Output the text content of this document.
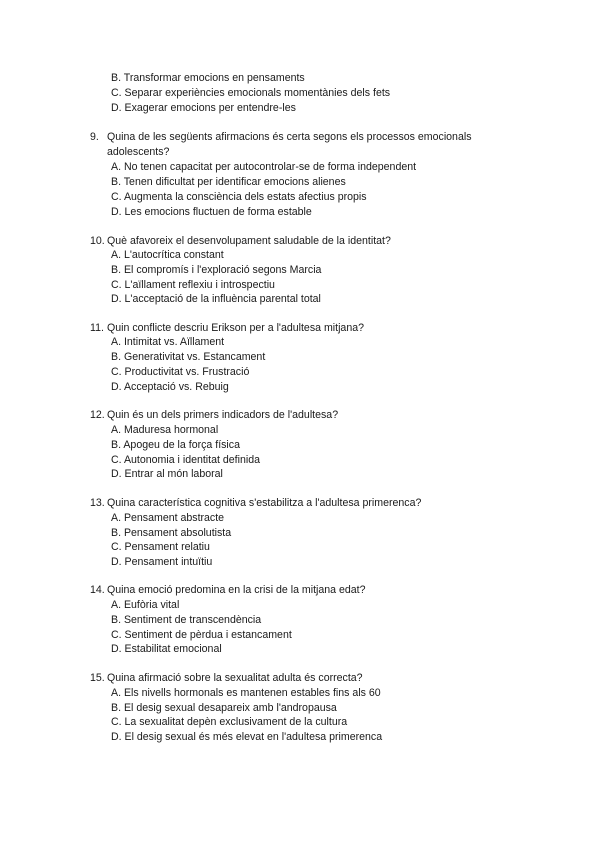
B. Transformar emocions en pensaments
C. Separar experiències emocionals momentànies dels fets
D. Exagerar emocions per entendre-les
9. Quina de les següents afirmacions és certa segons els processos emocionals
adolescents?
A. No tenen capacitat per autocontrolar-se de forma independent
B. Tenen dificultat per identificar emocions alienes
C. Augmenta la consciència dels estats afectius propis
D. Les emocions fluctuen de forma estable
10. Què afavoreix el desenvolupament saludable de la identitat?
A. L'autocrítica constant
B. El compromís i l'exploració segons Marcia
C. L'aïllament reflexiu i introspectiu
D. L'acceptació de la influència parental total
11. Quin conflicte descriu Erikson per a l'adultesa mitjana?
A. Intimitat vs. Aïllament
B. Generativitat vs. Estancament
C. Productivitat vs. Frustració
D. Acceptació vs. Rebuig
12. Quin és un dels primers indicadors de l'adultesa?
A. Maduresa hormonal
B. Apogeu de la força física
C. Autonomia i identitat definida
D. Entrar al món laboral
13. Quina característica cognitiva s'estabilitza a l'adultesa primerenca?
A. Pensament abstracte
B. Pensament absolutista
C. Pensament relatiu
D. Pensament intuïtiu
14. Quina emoció predomina en la crisi de la mitjana edat?
A. Eufòria vital
B. Sentiment de transcendència
C. Sentiment de pèrdua i estancament
D. Estabilitat emocional
15. Quina afirmació sobre la sexualitat adulta és correcta?
A. Els nivells hormonals es mantenen estables fins als 60
B. El desig sexual desapareix amb l'andropausa
C. La sexualitat depèn exclusivament de la cultura
D. El desig sexual és més elevat en l'adultesa primerenca
